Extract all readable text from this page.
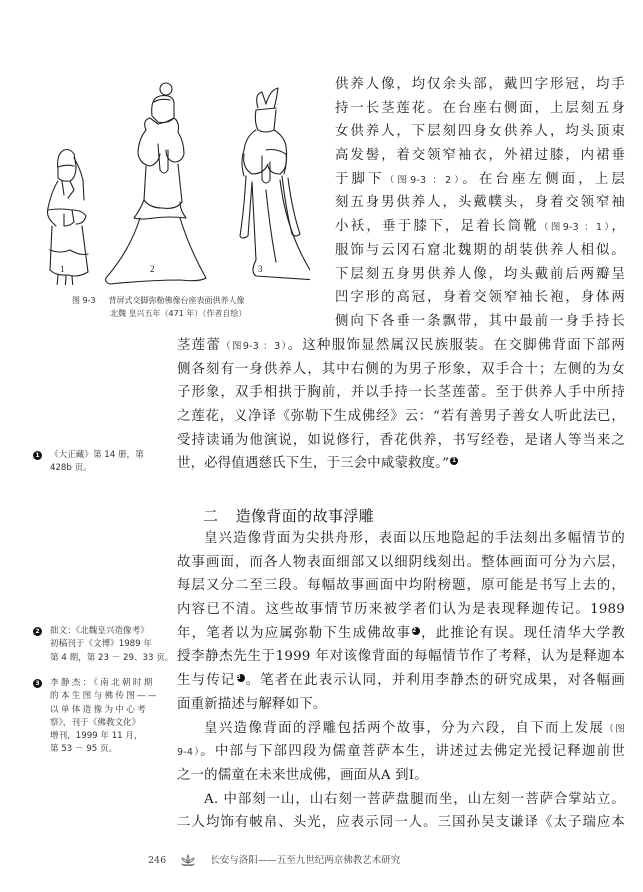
1	2	3
图 9-3 背屏式交脚弥勒佛像台座表面供养人像
北魏 皇兴五年（471 年）（作者自绘）
供养人像，均仅余头部，戴凹字形冠，均手
持一长茎莲花。在台座右侧面，上层刻五身
女供养人，下层刻四身女供养人，均头顶束
高发髻，着交领窄袖衣，外裙过膝，内裙垂
于脚下（图9-3 ：2）。在台座左侧面，上层
刻五身男供养人，头戴幞头，身着交领窄袖
小袄，垂于膝下，足着长筒靴（图9-3 ：1），
服饰与云冈石窟北魏期的胡装供养人相似。
下层刻五身男供养人像，均头戴前后两瓣呈
凹字形的高冠，身着交领窄袖长袍，身体两
侧向下各垂一条飘带，其中最前一身手持长
茎莲蕾（图9-3 ：3）。这种服饰显然属汉民族服装。在交脚佛背面下部两
侧各刻有一身供养人，其中右侧的为男子形象，双手合十；左侧的为女
子形象，双手相拱于胸前，并以手持一长茎莲蕾。至于供养人手中所持
之莲花，义净译《弥勒下生成佛经》云：“若有善男子善女人听此法已，
受持读诵为他演说，如说修行，香花供养，书写经卷，是诸人等当来之
世，必得值遇慈氏下生，于三会中咸蒙救度。” 1
二 造像背面的故事浮雕
皇兴造像背面为尖拱舟形，表面以压地隐起的手法刻出多幅情节的
故事画面，而各人物表面细部又以细阴线刻出。整体画面可分为六层，
每层又分二至三段。每幅故事画面中均附榜题，原可能是书写上去的，
内容已不清。这些故事情节历来被学者们认为是表现释迦传记。1989
年，笔者以为应属弥勒下生成佛故事2 ，此推论有误。现任清华大学教
授李静杰先生于1999 年对该像背面的每幅情节作了考释，认为是释迦本
生与传记3 。笔者在此表示认同，并利用李静杰的研究成果，对各幅画
面重新描述与解释如下。
皇兴造像背面的浮雕包括两个故事，分为六段，自下而上发展（图
9-4）。中部与下部四段为儒童菩萨本生，讲述过去佛定光授记释迦前世
之一的儒童在未来世成佛，画面从A 到I。
A. 中部刻一山，山右刻一菩萨盘腿而坐，山左刻一菩萨合掌站立。
二人均饰有帔帛、头光，应表示同一人。三国孙吴支谦译《太子瑞应本
1 《大正藏》第 14 册，第
428b 页。
2 拙文：《北魏皇兴造像考》
初稿刊于《文博》1989 年
第 4 期，第 23 － 29、33 页。
3 李静杰：《南北朝时期
的本生图与佛传图——
以单体造像为中心考
察》，刊于《佛教文化》
增刊，1999 年 11 月，
第 53 － 95 页。
246	长安与洛阳——五至九世纪两京佛教艺术研究
